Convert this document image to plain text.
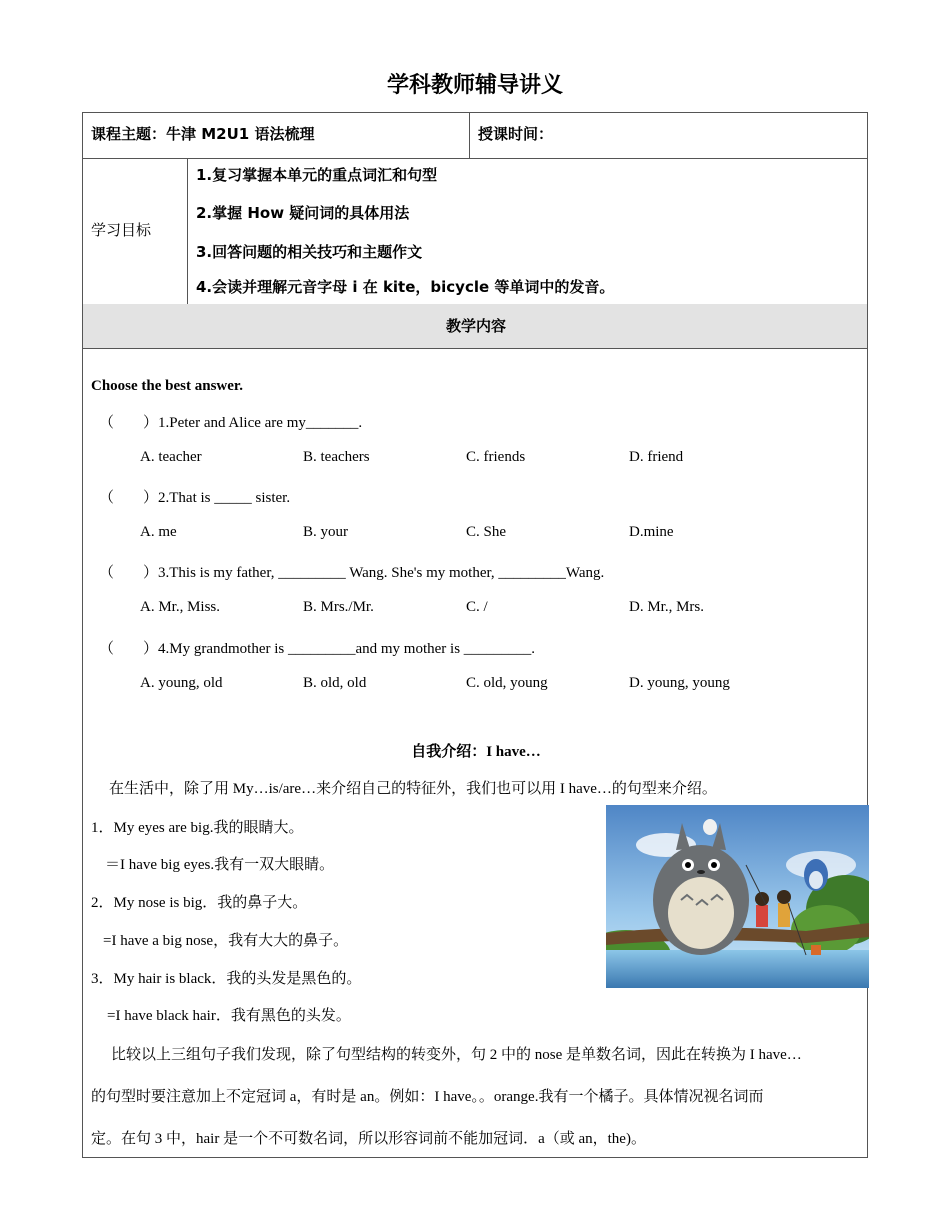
学科教师辅导讲义
课程主题：牛津 M2U1 语法梳理	授课时间：
学习目标
1.复习掌握本单元的重点词汇和句型
2.掌握 How 疑问词的具体用法
3.回答问题的相关技巧和主题作文
4.会读并理解元音字母 i 在 kite，bicycle 等单词中的发音。
教学内容
Choose the best answer.
（ ）1.Peter and Alice are my_______.
A. teacher	B. teachers	C. friends	D. friend
（ ）2.That is _____ sister.
A. me	B. your	C. She	D.mine
（ ）3.This is my father, _________ Wang. She's my mother, _________Wang.
A. Mr., Miss.	B. Mrs./Mr.	C. /	D. Mr., Mrs.
（ ）4.My grandmother is _________and my mother is _________.
A. young, old	B. old, old	C. old, young	D. young, young
自我介绍：I have…
在生活中，除了用 My…is/are…来介绍自己的特征外，我们也可以用 I have…的句型来介绍。
1．My eyes are big.我的眼睛大。
＝I have big eyes.我有一双大眼睛。
2．My nose is big．我的鼻子大。
=I have a big nose，我有大大的鼻子。
3．My hair is black．我的头发是黑色的。
=I have black hair．我有黑色的头发。
比较以上三组句子我们发现，除了句型结构的转变外，句 2 中的 nose 是单数名词，因此在转换为 I have…
的句型时要注意加上不定冠词 a，有时是 an。例如：I have。。orange.我有一个橘子。具体情况视名词而
定。在句 3 中，hair 是一个不可数名词，所以形容词前不能加冠词．a（或 an，the)。
